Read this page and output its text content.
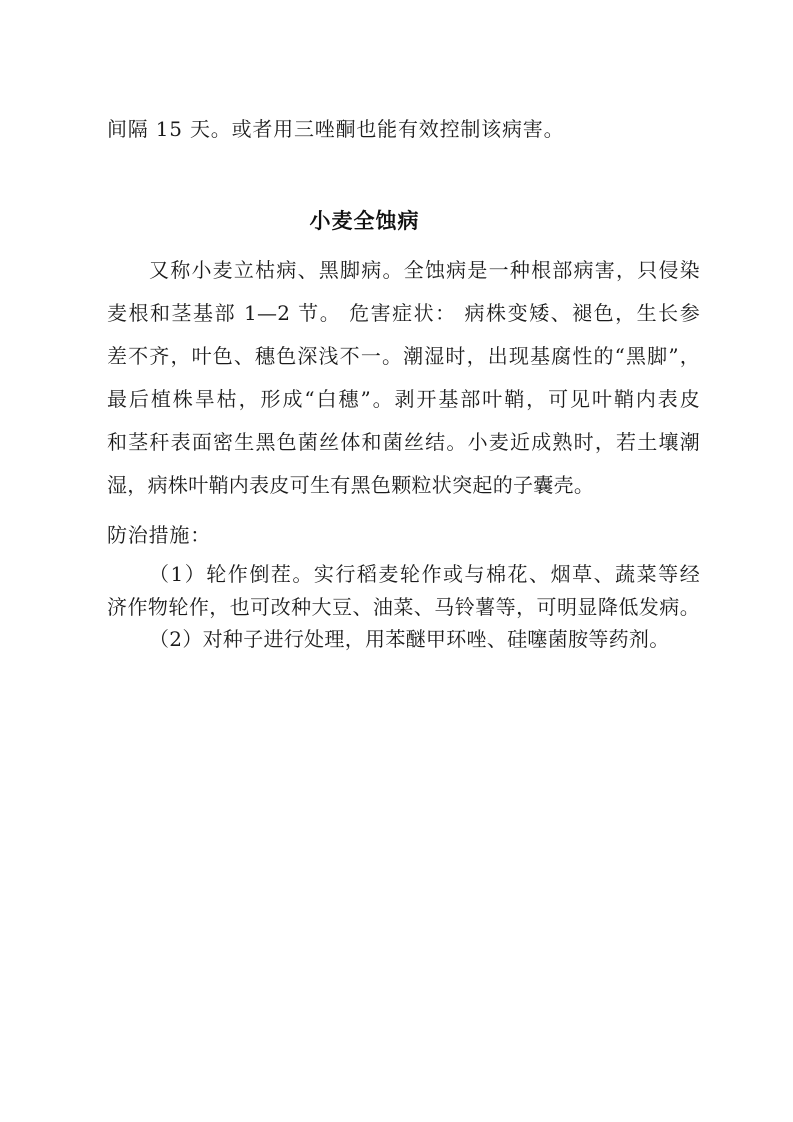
间隔 15 天。或者用三唑酮也能有效控制该病害。

小麦全蚀病
又称小麦立枯病、黑脚病。全蚀病是一种根部病害，只侵染
麦根和茎基部 1—2 节。 危害症状： 病株变矮、褪色，生长参
差不齐，叶色、穗色深浅不一。潮湿时，出现基腐性的“黑脚”，
最后植株旱枯，形成“白穗”。剥开基部叶鞘，可见叶鞘内表皮
和茎秆表面密生黑色菌丝体和菌丝结。小麦近成熟时，若土壤潮
湿，病株叶鞘内表皮可生有黑色颗粒状突起的子囊壳。

防治措施：

（1）轮作倒茬。实行稻麦轮作或与棉花、烟草、蔬菜等经
济作物轮作，也可改种大豆、油菜、马铃薯等，可明显降低发病。
（2）对种子进行处理，用苯醚甲环唑、硅噻菌胺等药剂。
